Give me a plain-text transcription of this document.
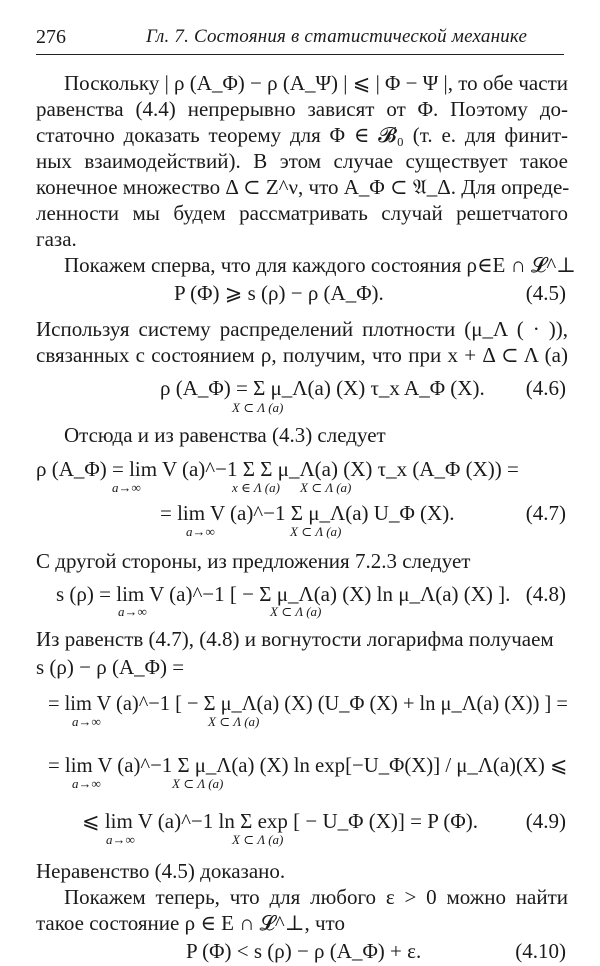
276	Гл. 7. Состояния в статистической механике
Поскольку | ρ (A_Φ) − ρ (A_Ψ) | ⩽ | Φ − Ψ |, то обе части
равенства (4.4) непрерывно зависят от Φ. Поэтому до-
статочно доказать теорему для Φ ∈ 𝓑₀ (т. е. для финит-
ных взаимодействий). В этом случае существует такое
конечное множество Δ ⊂ Z^ν, что A_Φ ⊂ 𝔄_Δ. Для опреде-
ленности мы будем рассматривать случай решетчатого
газа.
Покажем сперва, что для каждого состояния ρ∈E ∩ 𝓛^⊥
P (Φ) ⩾ s (ρ) − ρ (A_Φ).	(4.5)
Используя систему распределений плотности (μ_Λ ( · )),
связанных с состоянием ρ, получим, что при x + Δ ⊂ Λ (a)
ρ (A_Φ) = Σ μ_Λ(a) (X) τ_x A_Φ (X).
X ⊂ Λ (a)
(4.6)
Отсюда и из равенства (4.3) следует
ρ (A_Φ) = lim V (a)^−1 Σ Σ μ_Λ(a) (X) τ_x (A_Φ (X)) =
a→∞	x ∈ Λ (a) X ⊂ Λ (a)
= lim V (a)^−1 Σ μ_Λ(a) U_Φ (X).
a→∞	X ⊂ Λ (a)
(4.7)
С другой стороны, из предложения 7.2.3 следует
s (ρ) = lim V (a)^−1 [ − Σ μ_Λ(a) (X) ln μ_Λ(a) (X) ].
a→∞	X ⊂ Λ (a)
(4.8)
Из равенств (4.7), (4.8) и вогнутости логарифма получаем
s (ρ) − ρ (A_Φ) =
= lim V (a)^−1 [ − Σ μ_Λ(a) (X) (U_Φ (X) + ln μ_Λ(a) (X)) ] =
a→∞	X ⊂ Λ (a)
= lim V (a)^−1 Σ μ_Λ(a) (X) ln exp[−U_Φ(X)] / μ_Λ(a)(X) ⩽
a→∞	X ⊂ Λ (a)
⩽ lim V (a)^−1 ln Σ exp [ − U_Φ (X)] = P (Φ).
a→∞	X ⊂ Λ (a)
(4.9)
Неравенство (4.5) доказано.
Покажем теперь, что для любого ε > 0 можно найти
такое состояние ρ ∈ E ∩ 𝓛^⊥, что
P (Φ) < s (ρ) − ρ (A_Φ) + ε.	(4.10)
